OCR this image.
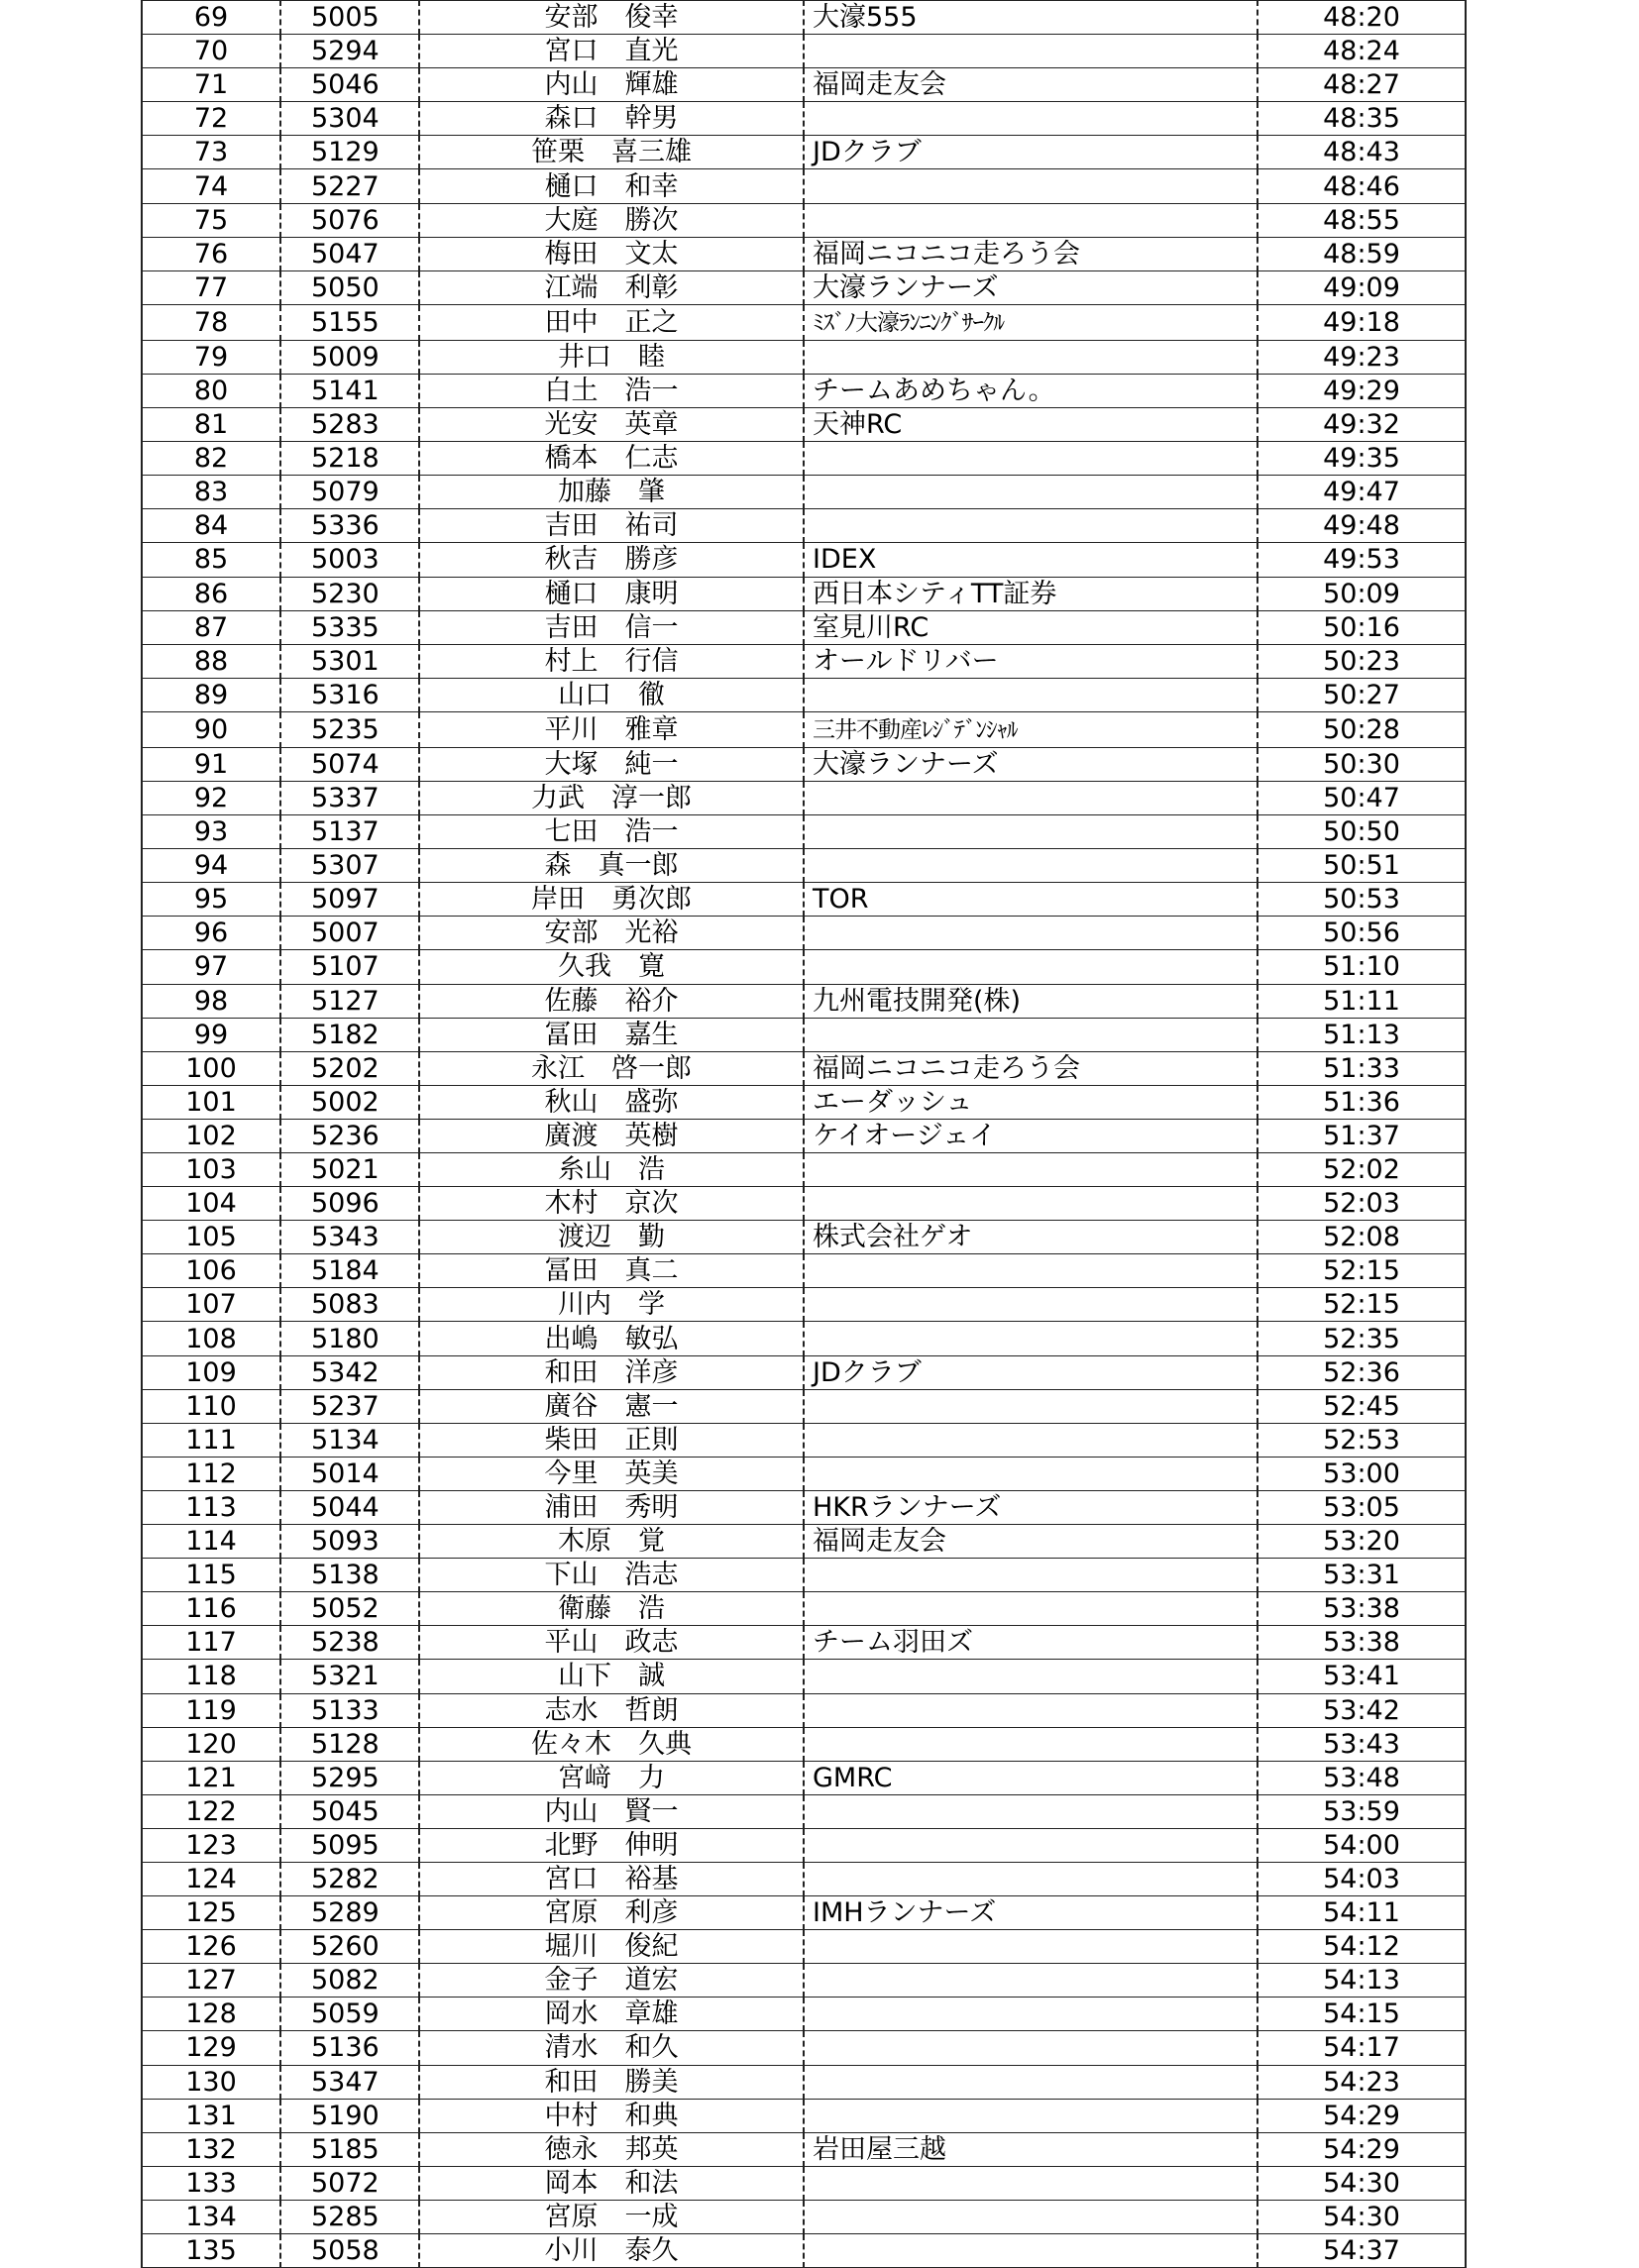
69	5005	安部　俊幸	大濠555	48:20
70	5294	宮口　直光		48:24
71	5046	内山　輝雄	福岡走友会	48:27
72	5304	森口　幹男		48:35
73	5129	笹栗　喜三雄	JDクラブ	48:43
74	5227	樋口　和幸		48:46
75	5076	大庭　勝次		48:55
76	5047	梅田　文太	福岡ニコニコ走ろう会	48:59
77	5050	江端　利彰	大濠ランナーズ	49:09
78	5155	田中　正之	ﾐｽﾞﾉ大濠ﾗﾝﾆﾝｸﾞｻｰｸﾙ	49:18
79	5009	井口　睦		49:23
80	5141	白土　浩一	チームあめちゃん。	49:29
81	5283	光安　英章	天神RC	49:32
82	5218	橋本　仁志		49:35
83	5079	加藤　肇		49:47
84	5336	吉田　祐司		49:48
85	5003	秋吉　勝彦	IDEX	49:53
86	5230	樋口　康明	西日本シティTT証券	50:09
87	5335	吉田　信一	室見川RC	50:16
88	5301	村上　行信	オールドリバー	50:23
89	5316	山口　徹		50:27
90	5235	平川　雅章	三井不動産ﾚｼﾞﾃﾞﾝｼｬﾙ	50:28
91	5074	大塚　純一	大濠ランナーズ	50:30
92	5337	力武　淳一郎		50:47
93	5137	七田　浩一		50:50
94	5307	森　真一郎		50:51
95	5097	岸田　勇次郎	TOR	50:53
96	5007	安部　光裕		50:56
97	5107	久我　寛		51:10
98	5127	佐藤　裕介	九州電技開発(株)	51:11
99	5182	冨田　嘉生		51:13
100	5202	永江　啓一郎	福岡ニコニコ走ろう会	51:33
101	5002	秋山　盛弥	エーダッシュ	51:36
102	5236	廣渡　英樹	ケイオージェイ	51:37
103	5021	糸山　浩		52:02
104	5096	木村　京次		52:03
105	5343	渡辺　勤	株式会社ゲオ	52:08
106	5184	冨田　真二		52:15
107	5083	川内　学		52:15
108	5180	出嶋　敏弘		52:35
109	5342	和田　洋彦	JDクラブ	52:36
110	5237	廣谷　憲一		52:45
111	5134	柴田　正則		52:53
112	5014	今里　英美		53:00
113	5044	浦田　秀明	HKRランナーズ	53:05
114	5093	木原　覚	福岡走友会	53:20
115	5138	下山　浩志		53:31
116	5052	衛藤　浩		53:38
117	5238	平山　政志	チーム羽田ズ	53:38
118	5321	山下　誠		53:41
119	5133	志水　哲朗		53:42
120	5128	佐々木　久典		53:43
121	5295	宮﨑　力	GMRC	53:48
122	5045	内山　賢一		53:59
123	5095	北野　伸明		54:00
124	5282	宮口　裕基		54:03
125	5289	宮原　利彦	IMHランナーズ	54:11
126	5260	堀川　俊紀		54:12
127	5082	金子　道宏		54:13
128	5059	岡水　章雄		54:15
129	5136	清水　和久		54:17
130	5347	和田　勝美		54:23
131	5190	中村　和典		54:29
132	5185	徳永　邦英	岩田屋三越	54:29
133	5072	岡本　和法		54:30
134	5285	宮原　一成		54:30
135	5058	小川　泰久		54:37
